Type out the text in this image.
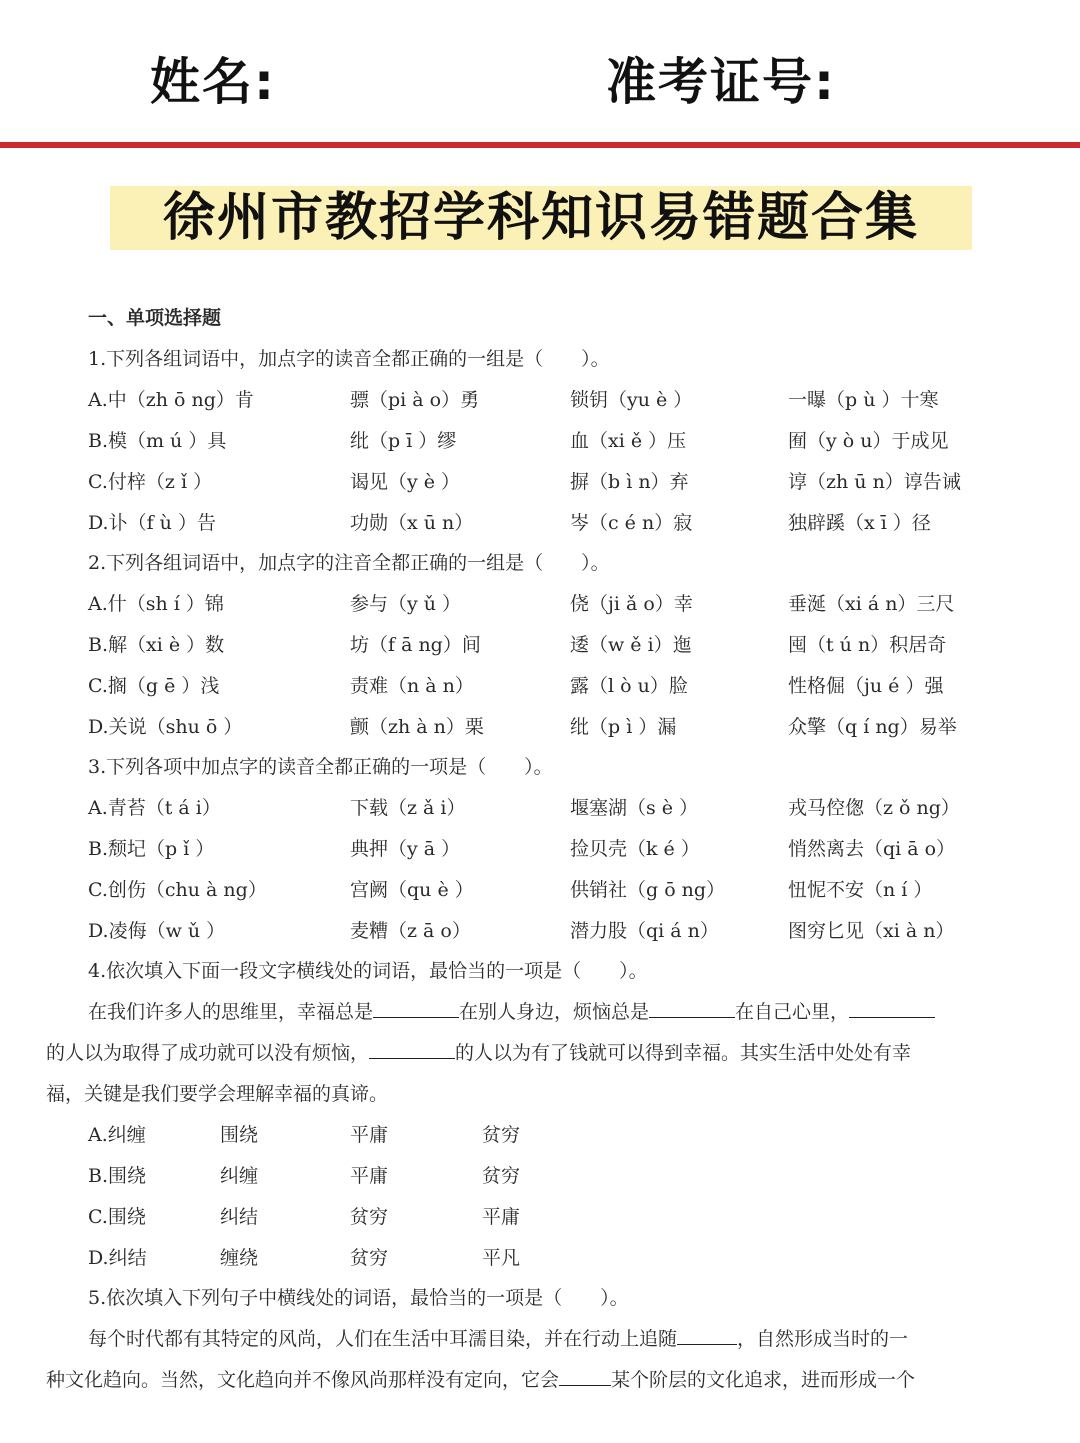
姓名:	准考证号:
徐州市教招学科知识易错题合集
一、单项选择题
1.下列各组词语中，加点字的读音全都正确的一组是（　　）。
A.中（zh ō ng）肯	骠（pi à o）勇	锁钥（yu è ）	一曝（p ù ）十寒
B.模（m ú ）具	纰（p ī ）缪	血（xi ě ）压	囿（y ò u）于成见
C.付梓（z ǐ ）	谒见（y è ）	摒（b ì n）弃	谆（zh ū n）谆告诫
D.讣（f ù ）告	功勋（x ū n）	岑（c é n）寂	独辟蹊（x ī ）径
2.下列各组词语中，加点字的注音全都正确的一组是（　　）。
A.什（sh í ）锦	参与（y ǔ ）	侥（ji ǎ o）幸	垂涎（xi á n）三尺
B.解（xi è ）数	坊（f ā ng）间	逶（w ě i）迤	囤（t ú n）积居奇
C.搁（g ē ）浅	责难（n à n）	露（l ò u）脸	性格倔（ju é ）强
D.关说（shu ō ）	颤（zh à n）栗	纰（p ì ）漏	众擎（q í ng）易举
3.下列各项中加点字的读音全都正确的一项是（　　）。
A.青苔（t á i）	下载（z ǎ i）	堰塞湖（s è ）	戎马倥偬（z ǒ ng）
B.颓圮（p ǐ ）	典押（y ā ）	捡贝壳（k é ）	悄然离去（qi ā o）
C.创伤（chu à ng）	宫阙（qu è ）	供销社（g ō ng）	忸怩不安（n í ）
D.凌侮（w ǔ ）	麦糟（z ā o）	潜力股（qi á n）	图穷匕见（xi à n）
4.依次填入下面一段文字横线处的词语，最恰当的一项是（　　）。
在我们许多人的思维里，幸福总是	在别人身边，烦恼总是	在自己心里，
的人以为取得了成功就可以没有烦恼，	的人以为有了钱就可以得到幸福。其实生活中处处有幸
福，关键是我们要学会理解幸福的真谛。
A.纠缠	围绕	平庸	贫穷
B.围绕	纠缠	平庸	贫穷
C.围绕	纠结	贫穷	平庸
D.纠结	缠绕	贫穷	平凡
5.依次填入下列句子中横线处的词语，最恰当的一项是（　　）。
每个时代都有其特定的风尚，人们在生活中耳濡目染，并在行动上追随	，自然形成当时的一
种文化趋向。当然，文化趋向并不像风尚那样没有定向，它会	某个阶层的文化追求，进而形成一个
